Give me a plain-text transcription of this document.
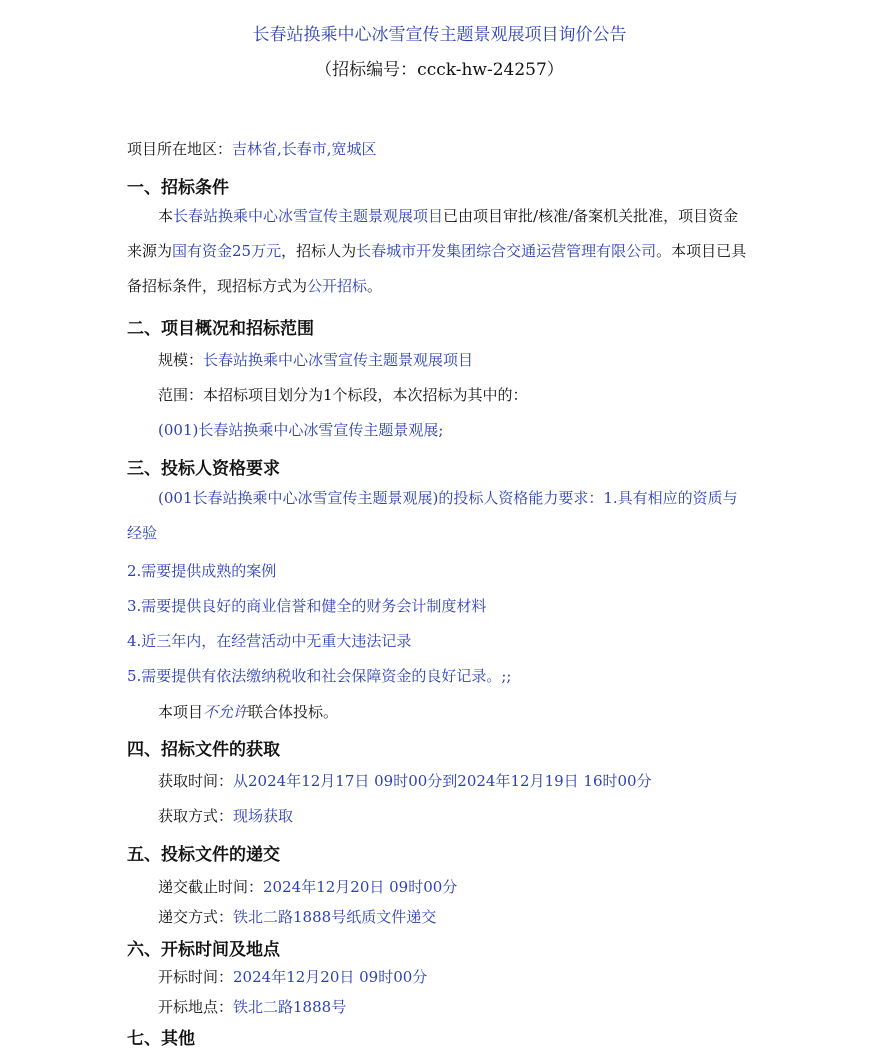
长春站换乘中心冰雪宣传主题景观展项目询价公告
（招标编号：ccck-hw-24257）
项目所在地区：吉林省,长春市,宽城区
一、招标条件
本长春站换乘中心冰雪宣传主题景观展项目已由项目审批/核准/备案机关批准，项目资金来源为国有资金25万元，招标人为长春城市开发集团综合交通运营管理有限公司。本项目已具备招标条件，现招标方式为公开招标。
二、项目概况和招标范围
规模：长春站换乘中心冰雪宣传主题景观展项目
范围：本招标项目划分为1个标段，本次招标为其中的：
(001)长春站换乘中心冰雪宣传主题景观展;
三、投标人资格要求
(001长春站换乘中心冰雪宣传主题景观展)的投标人资格能力要求：1.具有相应的资质与经验
2.需要提供成熟的案例
3.需要提供良好的商业信誉和健全的财务会计制度材料
4.近三年内，在经营活动中无重大违法记录
5.需要提供有依法缴纳税收和社会保障资金的良好记录。;;
本项目不允许联合体投标。
四、招标文件的获取
获取时间：从2024年12月17日 09时00分到2024年12月19日 16时00分
获取方式：现场获取
五、投标文件的递交
递交截止时间：2024年12月20日 09时00分
递交方式：铁北二路1888号纸质文件递交
六、开标时间及地点
开标时间：2024年12月20日 09时00分
开标地点：铁北二路1888号
七、其他
